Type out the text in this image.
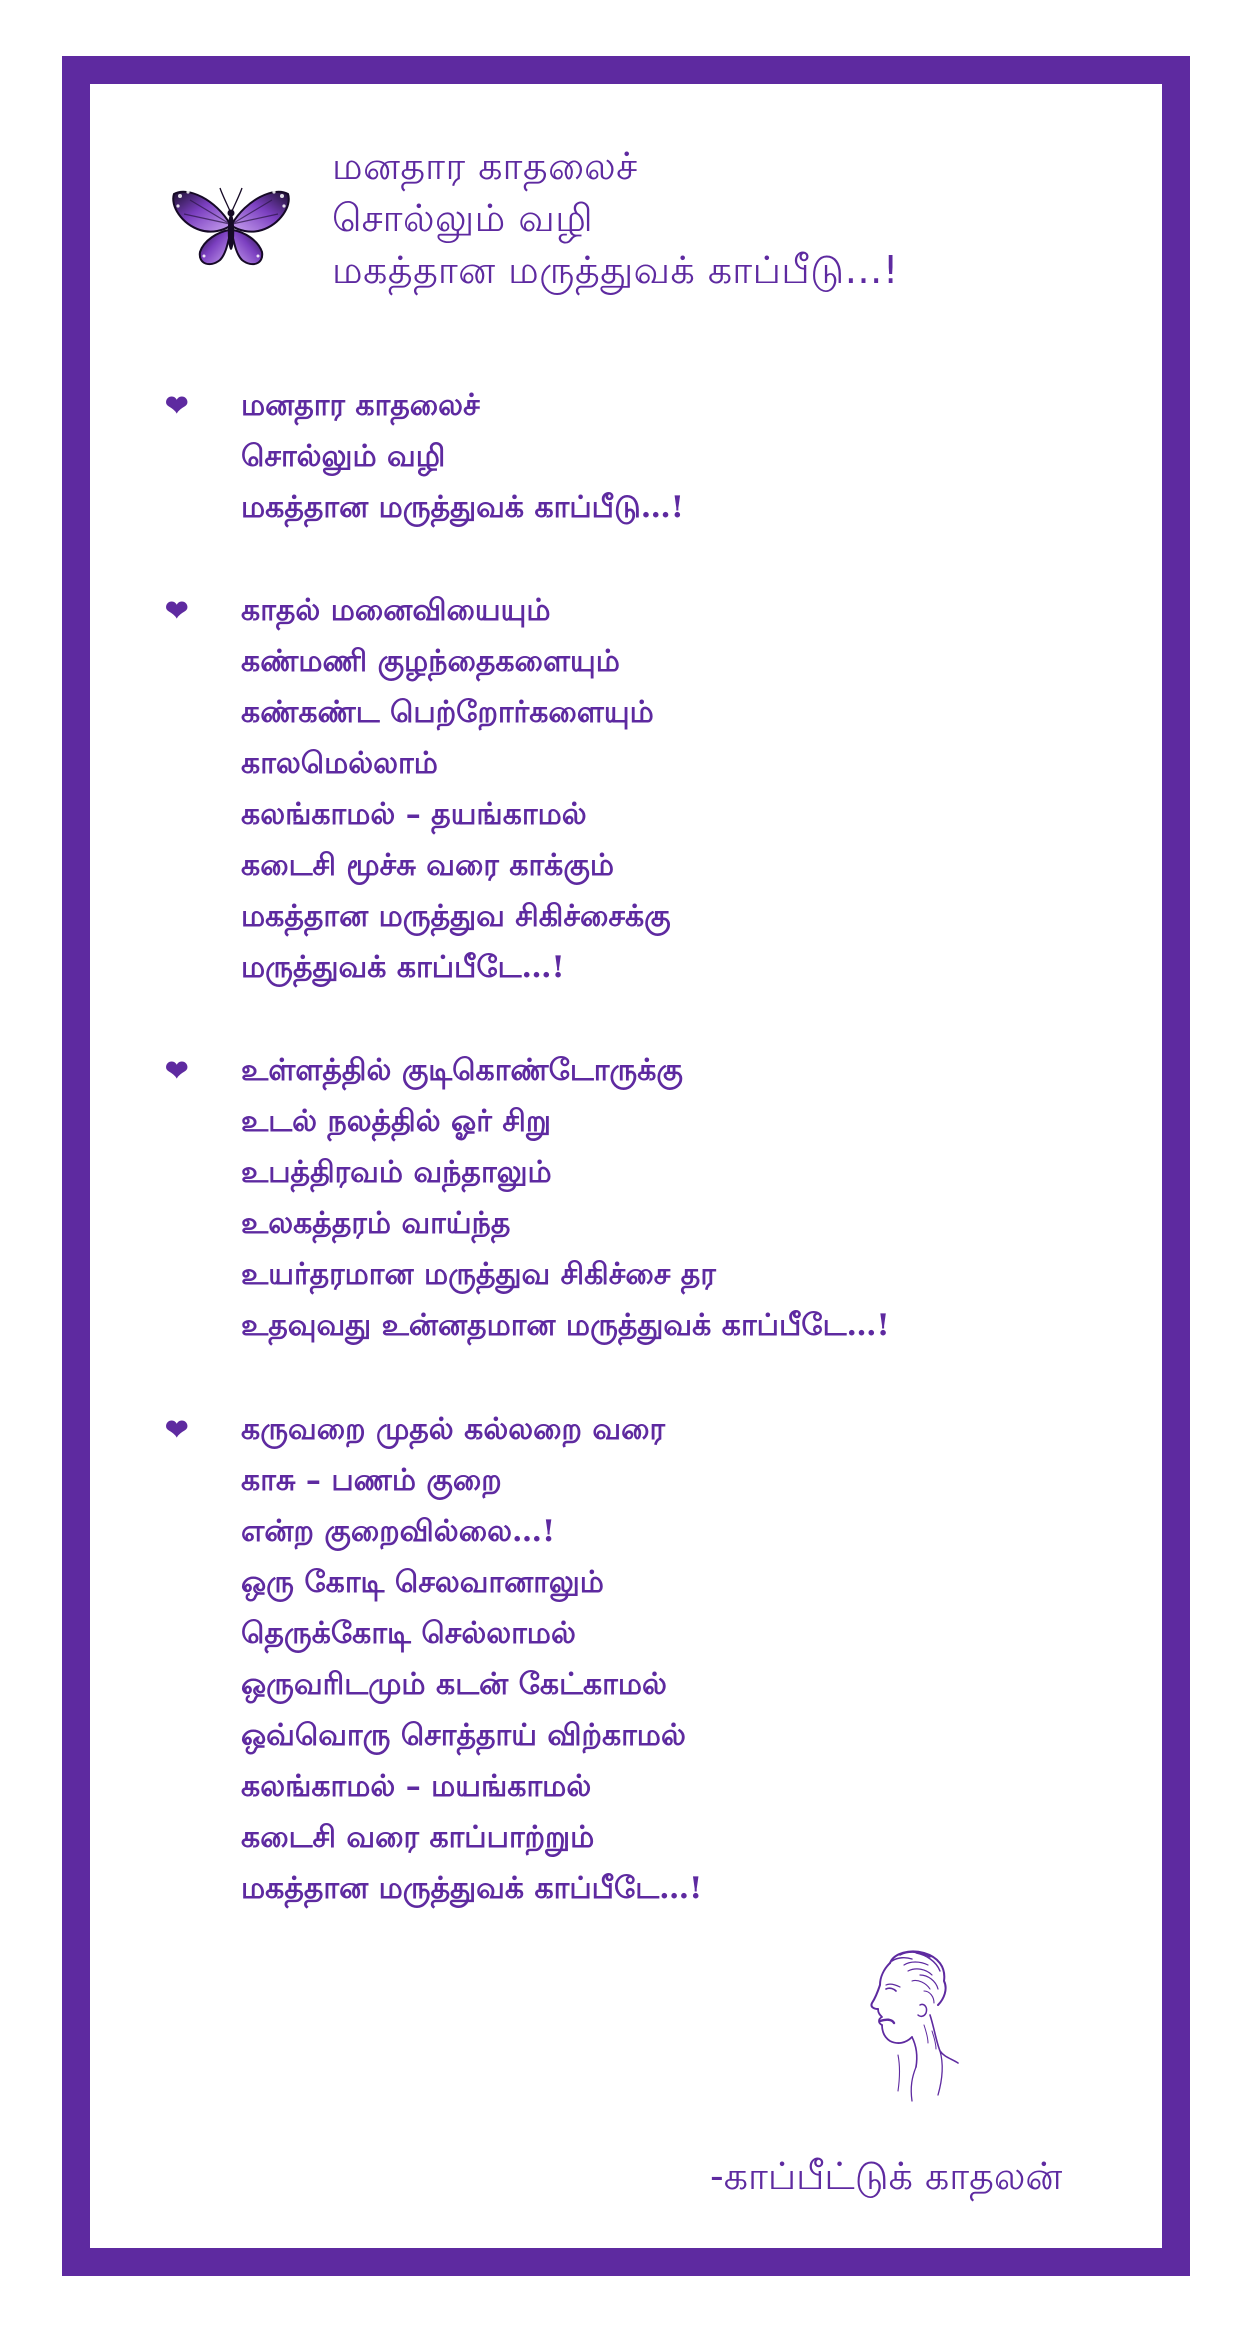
மனதார காதலைச்
சொல்லும் வழி
மகத்தான மருத்துவக் காப்பீடு…!
❤	மனதார காதலைச்
சொல்லும் வழி
மகத்தான மருத்துவக் காப்பீடு…!
❤	காதல் மனைவியையும்
கண்மணி குழந்தைகளையும்
கண்கண்ட பெற்றோர்களையும்
காலமெல்லாம்
கலங்காமல் – தயங்காமல்
கடைசி மூச்சு வரை காக்கும்
மகத்தான மருத்துவ சிகிச்சைக்கு
மருத்துவக் காப்பீடே…!
❤	உள்ளத்தில் குடிகொண்டோருக்கு
உடல் நலத்தில் ஓர் சிறு
உபத்திரவம் வந்தாலும்
உலகத்தரம் வாய்ந்த
உயர்தரமான மருத்துவ சிகிச்சை தர
உதவுவது உன்னதமான மருத்துவக் காப்பீடே…!
❤	கருவறை முதல் கல்லறை வரை
காசு – பணம் குறை
என்ற குறைவில்லை…!
ஒரு கோடி செலவானாலும்
தெருக்கோடி செல்லாமல்
ஒருவரிடமும் கடன் கேட்காமல்
ஒவ்வொரு சொத்தாய் விற்காமல்
கலங்காமல் – மயங்காமல்
கடைசி வரை காப்பாற்றும்
மகத்தான மருத்துவக் காப்பீடே…!
-காப்பீட்டுக் காதலன்
